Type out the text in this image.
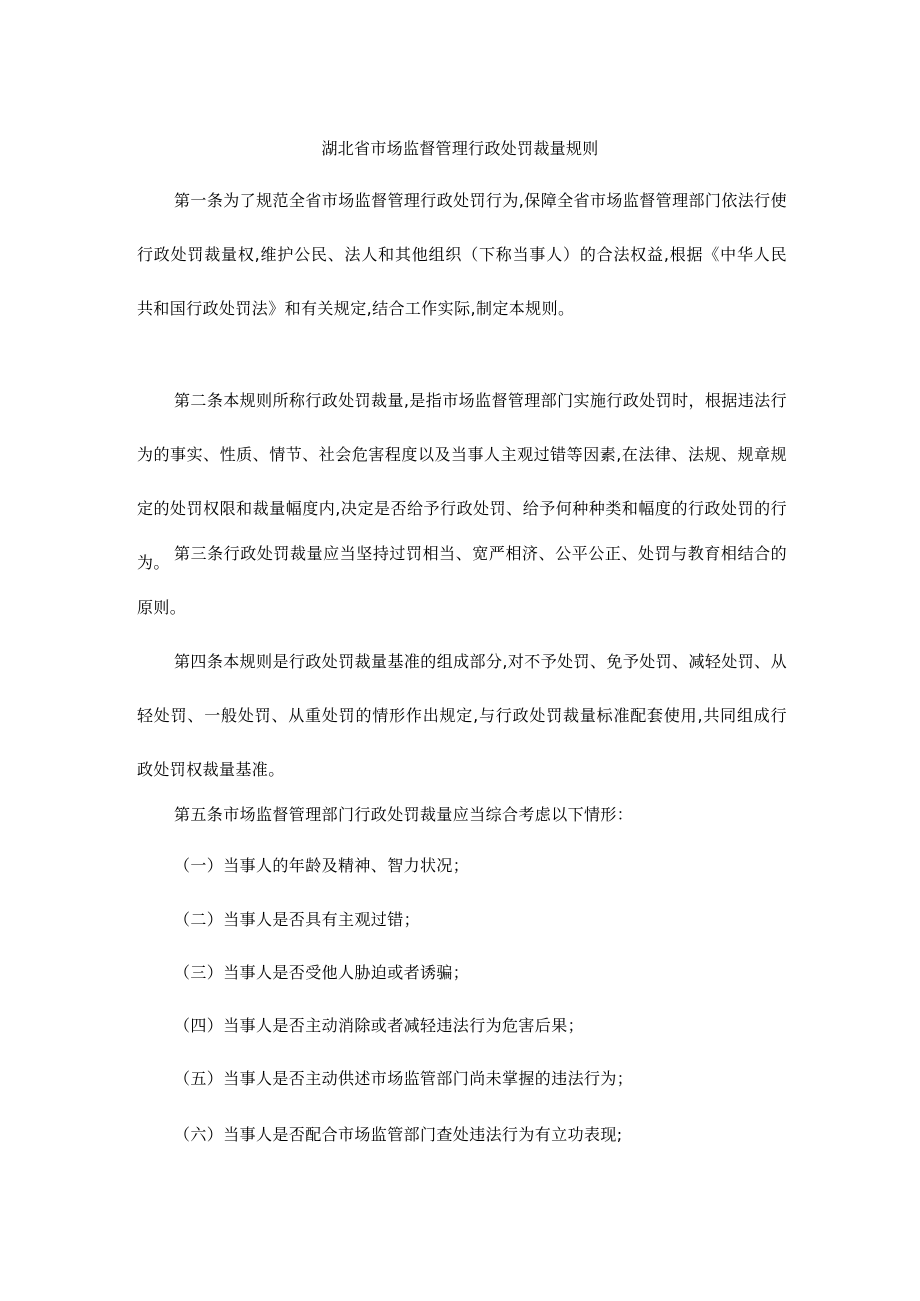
湖北省市场监督管理行政处罚裁量规则

第一条为了规范全省市场监督管理行政处罚行为,保障全省市场监督管理部门依法行使行政处罚裁量权,维护公民、法人和其他组织（下称当事人）的合法权益,根据《中华人民共和国行政处罚法》和有关规定,结合工作实际,制定本规则。

第二条本规则所称行政处罚裁量,是指市场监督管理部门实施行政处罚时，根据违法行为的事实、性质、情节、社会危害程度以及当事人主观过错等因素,在法律、法规、规章规定的处罚权限和裁量幅度内,决定是否给予行政处罚、给予何种种类和幅度的行政处罚的行为。 第三条行政处罚裁量应当坚持过罚相当、宽严相济、公平公正、处罚与教育相结合的原则。

第四条本规则是行政处罚裁量基准的组成部分,对不予处罚、免予处罚、减轻处罚、从轻处罚、一般处罚、从重处罚的情形作出规定,与行政处罚裁量标准配套使用,共同组成行政处罚权裁量基准。

第五条市场监督管理部门行政处罚裁量应当综合考虑以下情形：

（一）当事人的年龄及精神、智力状况；
（二）当事人是否具有主观过错；
（三）当事人是否受他人胁迫或者诱骗；
（四）当事人是否主动消除或者减轻违法行为危害后果；
（五）当事人是否主动供述市场监管部门尚未掌握的违法行为；
（六）当事人是否配合市场监管部门查处违法行为有立功表现;
